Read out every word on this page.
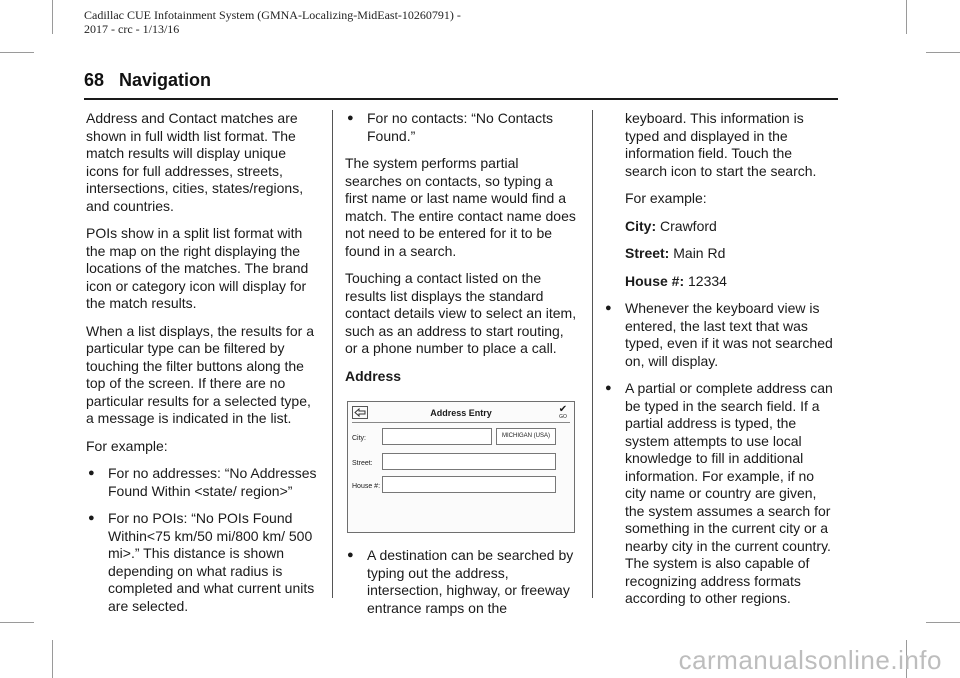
Cadillac CUE Infotainment System (GMNA-Localizing-MidEast-10260791) -
2017 - crc - 1/13/16
68 Navigation

Address and Contact matches are shown in full width list format. The match results will display unique icons for full addresses, streets, intersections, cities, states/regions, and countries.

POIs show in a split list format with the map on the right displaying the locations of the matches. The brand icon or category icon will display for the match results.

When a list displays, the results for a particular type can be filtered by touching the filter buttons along the top of the screen. If there are no particular results for a selected type, a message is indicated in the list.

For example:

● For no addresses: “No Addresses Found Within <state/ region>”
● For no POIs: “No POIs Found Within<75 km/50 mi/800 km/ 500 mi>.” This distance is shown depending on what radius is completed and what current units are selected.
● For no contacts: “No Contacts Found.”

The system performs partial searches on contacts, so typing a first name or last name would find a match. The entire contact name does not need to be entered for it to be found in a search.

Touching a contact listed on the results list displays the standard contact details view to select an item, such as an address to start routing, or a phone number to place a call.

Address

Address Entry	✔
GO
City:	MICHIGAN (USA)
Street:
House #:
● A destination can be searched by typing out the address, intersection, highway, or freeway entrance ramps on the

keyboard. This information is typed and displayed in the information field. Touch the search icon to start the search.

For example:

City: Crawford

Street: Main Rd

House #: 12334

● Whenever the keyboard view is entered, the last text that was typed, even if it was not searched on, will display.
● A partial or complete address can be typed in the search field. If a partial address is typed, the system attempts to use local knowledge to fill in additional information. For example, if no city name or country are given, the system assumes a search for something in the current city or a nearby city in the current country. The system is also capable of recognizing address formats according to other regions.
carmanualsonline.info
